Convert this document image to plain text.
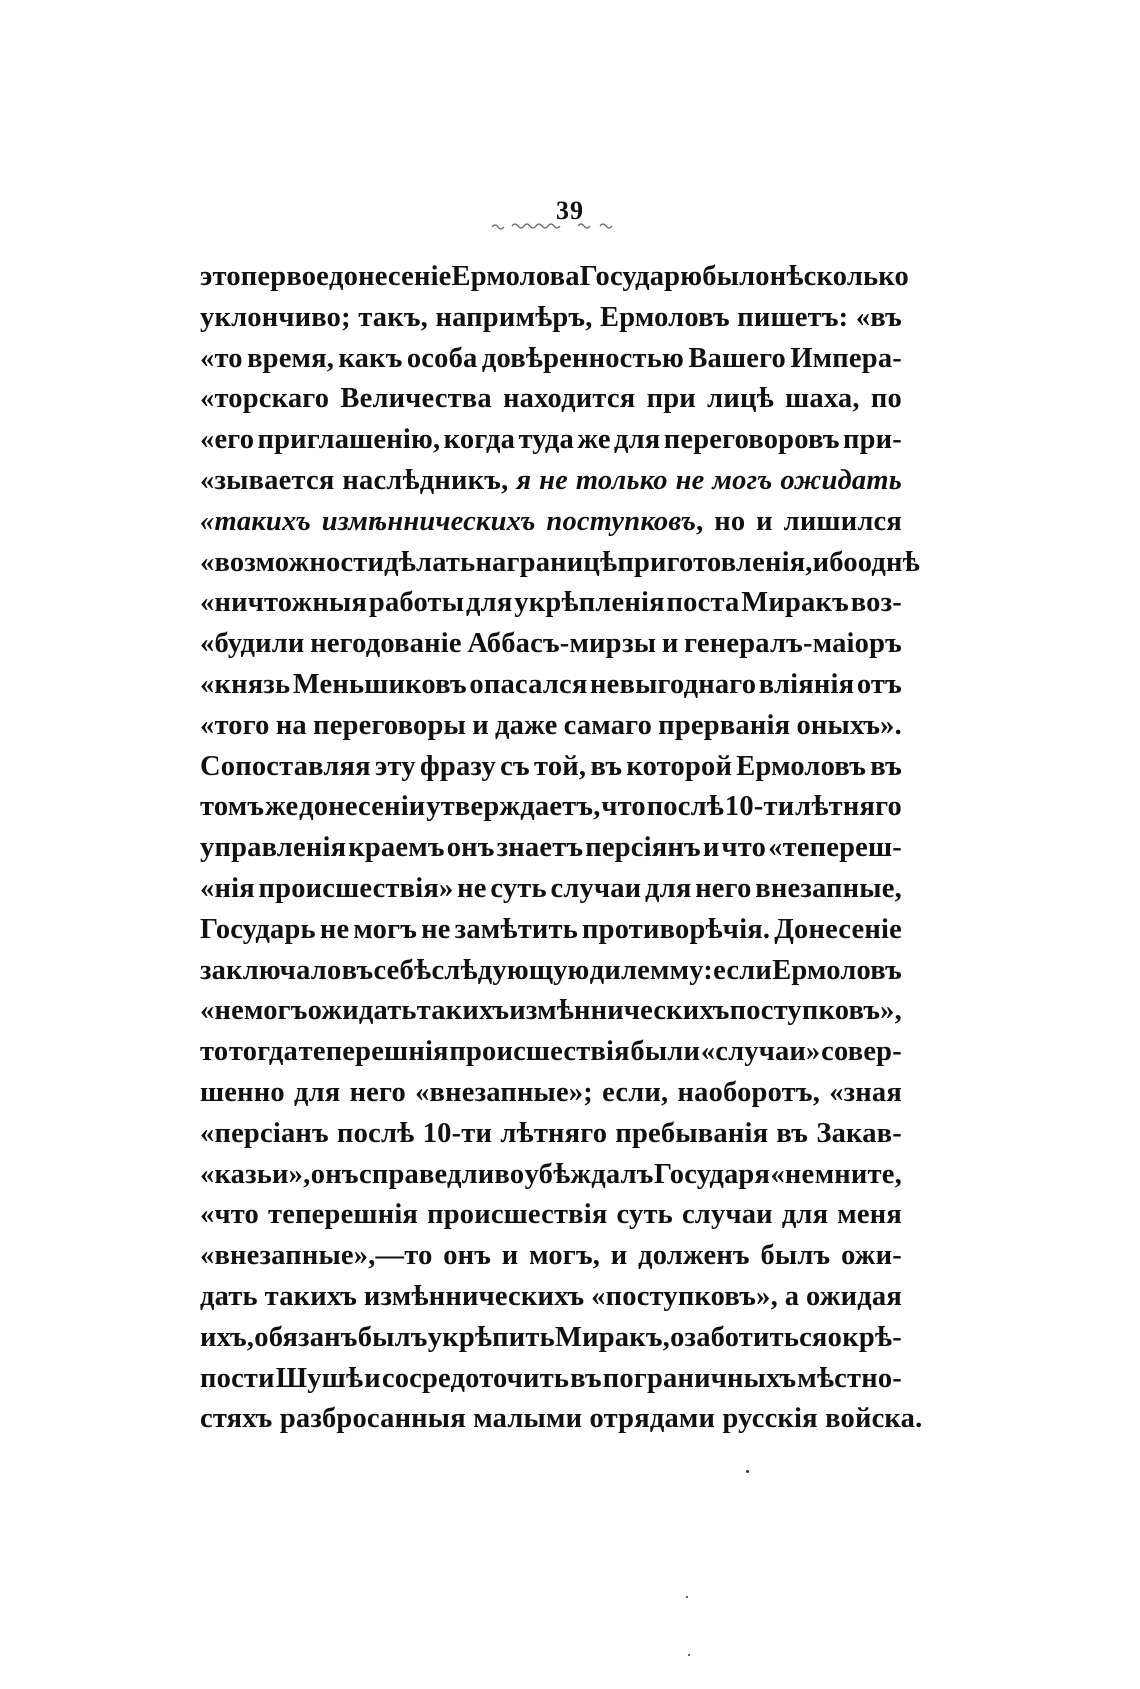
39
это первое донесеніе Ермолова Государю было нѣсколько
уклончиво; такъ, напримѣръ, Ермоловъ пишетъ: «въ
«то время, какъ особа довѣренностью Вашего Импера-
«торскаго Величества находится при лицѣ шаха, по
«его приглашенію, когда туда же для переговоровъ при-
«зывается наслѣдникъ, я не только не могъ ожидать
«такихъ измѣнническихъ поступковъ, но и лишился
«возможности дѣлать на границѣ приготовленія, ибо однѣ
«ничтожныя работы для укрѣпленія поста Миракъ воз-
«будили негодованіе Аббасъ-мирзы и генералъ-маіоръ
«князь Меньшиковъ опасался невыгоднаго вліянія отъ
«того на переговоры и даже самаго прерванія оныхъ».
Сопоставляя эту фразу съ той, въ которой Ермоловъ въ
томъ же донесеніи утверждаетъ, что послѣ 10-ти лѣтняго
управленія краемъ онъ знаетъ персіянъ и что «тепереш-
«нія происшествія» не суть случаи для него внезапные,
Государь не могъ не замѣтить противорѣчія. Донесеніе
заключало въ себѣ слѣдующую дилемму: если Ермоловъ
«не могъ ожидать такихъ измѣнническихъ поступковъ»,
то тогда теперешнія происшествія были «случаи» совер-
шенно для него «внезапные»; если, наоборотъ, «зная
«персіанъ послѣ 10-ти лѣтняго пребыванія въ Закав-
«казьи», онъ справедливо убѣждалъ Государя «не мните,
«что теперешнія происшествія суть случаи для меня
«внезапные»,—то онъ и могъ, и долженъ былъ ожи-
дать такихъ измѣнническихъ «поступковъ», а ожидая
ихъ, обязанъ былъ укрѣпить Миракъ, озаботиться о крѣ-
пости Шушѣ и сосредоточить въ пограничныхъ мѣстно-
стяхъ
разбросанныя
малыми
отрядами
русскія
войска.
